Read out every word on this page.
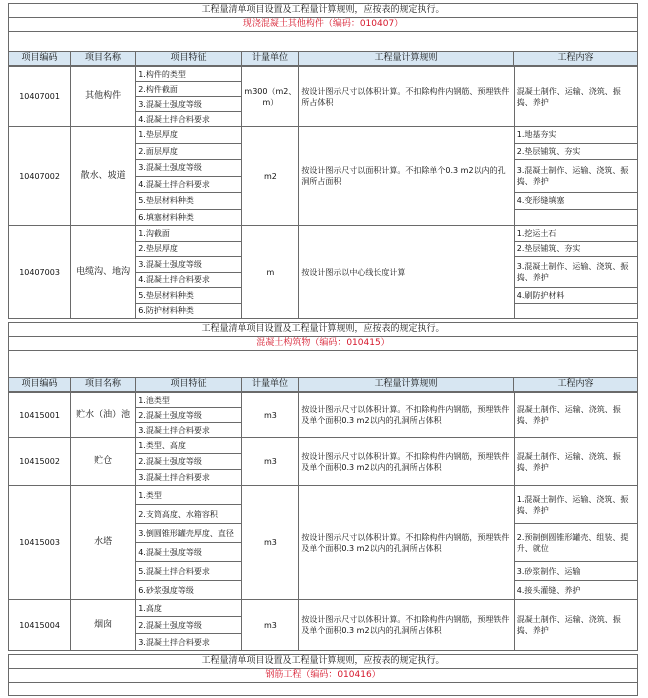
工程量清单项目设置及工程量计算规则，应按表的规定执行。
现浇混凝土其他构件（编码：010407）
项目编码	项目名称	项目特征	计量单位	工程量计算规则	工程内容
10407001	其他构件	1.构件的类型	m300（m2、m）	按设计图示尺寸以体积计算。不扣除构件内钢筋、预埋铁件所占体积	混凝土制作、运输、浇筑、振捣、养护
		2.构件截面			
		3.混凝土强度等级			
		4.混凝土拌合料要求			
10407002	散水、坡道	1.垫层厚度	m2	按设计图示尺寸以面积计算。不扣除单个0.3 m2以内的孔洞所占面积	1.地基夯实
		2.面层厚度			2.垫层铺筑、夯实
		3.混凝土强度等级			3.混凝土制作、运输、浇筑、振捣、养护
		4.混凝土拌合料要求			
		5.垫层材料种类			4.变形缝填塞
		6.填塞材料种类			
10407003	电缆沟、地沟	1.沟截面	m	按设计图示以中心线长度计算	1.挖运土石
		2.垫层厚度			2.垫层铺筑、夯实
		3.混凝土强度等级			3.混凝土制作、运输、浇筑、振捣、养护
		4.混凝土拌合料要求			
		5.垫层材料种类			4.刷防护材料
		6.防护材料种类			
工程量清单项目设置及工程量计算规则，应按表的规定执行。
混凝土构筑物（编码：010415）
项目编码	项目名称	项目特征	计量单位	工程量计算规则	工程内容
10415001	贮水（油）池	1.池类型	m3	按设计图示尺寸以体积计算。不扣除构件内钢筋，预埋铁件及单个面积0.3 m2以内的孔洞所占体积	混凝土制作、运输、浇筑、振捣、养护
		2.混凝土强度等级			
		3.混凝土拌合料要求			
10415002	贮仓	1.类型、高度	m3	按设计图示尺寸以体积计算。不扣除构件内钢筋，预埋铁件及单个面积0.3 m2以内的孔洞所占体积	混凝土制作、运输、浇筑、振捣、养护
		2.混凝土强度等级			
		3.混凝土拌合料要求			
10415003	水塔	1.类型	m3	按设计图示尺寸以体积计算。不扣除构件内钢筋，预埋铁件及单个面积0.3 m2以内的孔洞所占体积	1.混凝土制作、运输、浇筑、振捣、养护
		2.支筒高度、水箱容积			
		3.倒圆锥形罐壳厚度、直径			2.预制倒圆锥形罐壳、组装、提升、就位
		4.混凝土强度等级			
		5.混凝土拌合料要求			3.砂浆制作、运输
		6.砂浆强度等级			4.接头灌缝、养护
10415004	烟囱	1.高度	m3	按设计图示尺寸以体积计算。不扣除构件内钢筋，预埋铁件及单个面积0.3 m2以内的孔洞所占体积	混凝土制作、运输、浇筑、振捣、养护
		2.混凝土强度等级			
		3.混凝土拌合料要求			
工程量清单项目设置及工程量计算规则，应按表的规定执行。
钢筋工程（编码：010416）
